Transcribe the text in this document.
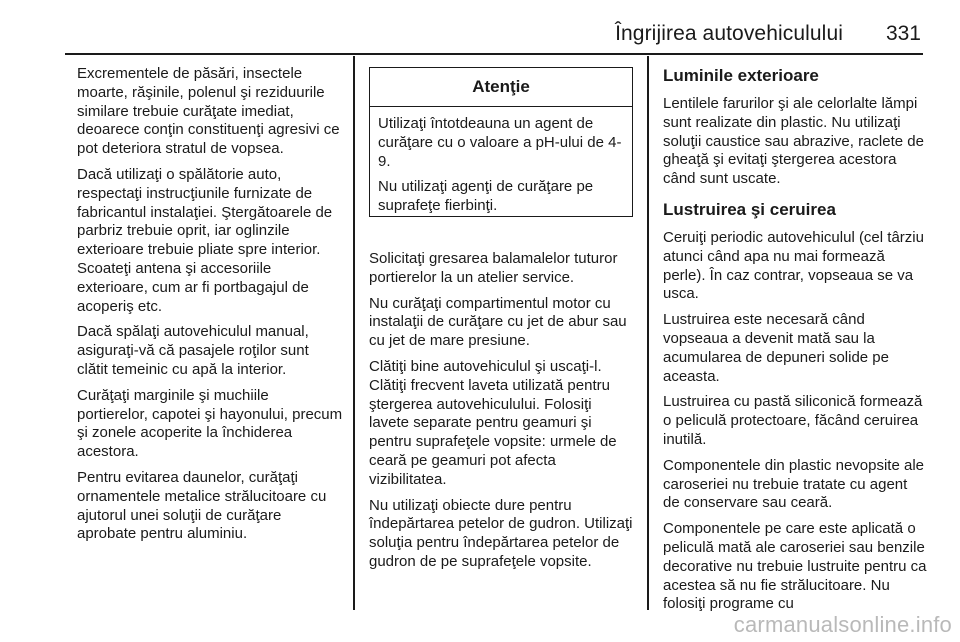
Îngrijirea autovehiculului 331

Excrementele de păsări, insectele moarte, răşinile, polenul şi reziduurile similare trebuie curăţate imediat, deoarece conţin constituenţi agresivi ce pot deteriora stratul de vopsea.

Dacă utilizaţi o spălătorie auto, respectaţi instrucţiunile furnizate de fabricantul instalaţiei. Ştergătoarele de parbriz trebuie oprit, iar oglinzile exterioare trebuie pliate spre interior. Scoateţi antena şi accesoriile exterioare, cum ar fi portbagajul de acoperiş etc.

Dacă spălaţi autovehiculul manual, asiguraţi-vă că pasajele roţilor sunt clătit temeinic cu apă la interior.

Curăţaţi marginile şi muchiile portierelor, capotei şi hayonului, precum şi zonele acoperite la închiderea acestora.

Pentru evitarea daunelor, curăţaţi ornamentele metalice strălucitoare cu ajutorul unei soluţii de curăţare aprobate pentru aluminiu.

Atenţie

Utilizaţi întotdeauna un agent de curăţare cu o valoare a pH-ului de 4-9.

Nu utilizaţi agenţi de curăţare pe suprafeţe fierbinţi.

Solicitaţi gresarea balamalelor tuturor portierelor la un atelier service.

Nu curăţaţi compartimentul motor cu instalaţii de curăţare cu jet de abur sau cu jet de mare presiune.

Clătiţi bine autovehiculul şi uscaţi-l. Clătiţi frecvent laveta utilizată pentru ştergerea autovehiculului. Folosiţi lavete separate pentru geamuri şi pentru suprafeţele vopsite: urmele de ceară pe geamuri pot afecta vizibilitatea.

Nu utilizaţi obiecte dure pentru îndepărtarea petelor de gudron. Utilizaţi soluţia pentru îndepărtarea petelor de gudron de pe suprafeţele vopsite.

Luminile exterioare

Lentilele farurilor şi ale celorlalte lămpi sunt realizate din plastic. Nu utilizaţi soluţii caustice sau abrazive, raclete de gheaţă şi evitaţi ştergerea acestora când sunt uscate.

Lustruirea şi ceruirea

Ceruiţi periodic autovehiculul (cel târziu atunci când apa nu mai formează perle). În caz contrar, vopseaua se va usca.

Lustruirea este necesară când vopseaua a devenit mată sau la acumularea de depuneri solide pe aceasta.

Lustruirea cu pastă siliconică formează o peliculă protectoare, făcând ceruirea inutilă.

Componentele din plastic nevopsite ale caroseriei nu trebuie tratate cu agent de conservare sau ceară.

Componentele pe care este aplicată o peliculă mată ale caroseriei sau benzile decorative nu trebuie lustruite pentru ca acestea să nu fie strălucitoare. Nu folosiţi programe cu

carmanualsonline.info
